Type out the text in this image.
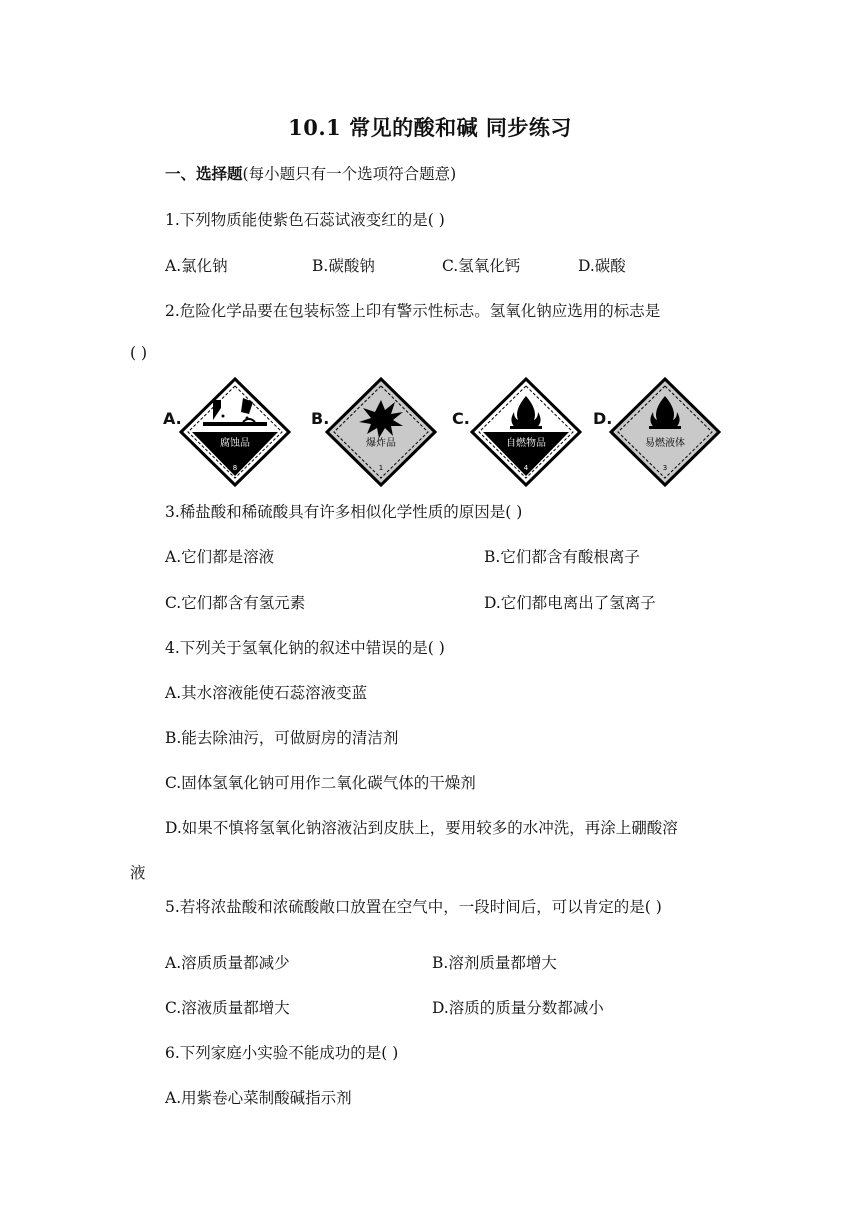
10.1 常见的酸和碱 同步练习
一、选择题(每小题只有一个选项符合题意)
1.下列物质能使紫色石蕊试液变红的是( )
A.氯化钠	B.碳酸钠	C.氢氧化钙	D.碳酸
2.危险化学品要在包装标签上印有警示性标志。氢氧化钠应选用的标志是
( )
A.
腐蚀品
8
B.
爆炸品
1
C.
自燃物品
4
D.
易燃液体
3
3.稀盐酸和稀硫酸具有许多相似化学性质的原因是( )
A.它们都是溶液	B.它们都含有酸根离子
C.它们都含有氢元素	D.它们都电离出了氢离子
4.下列关于氢氧化钠的叙述中错误的是( )
A.其水溶液能使石蕊溶液变蓝
B.能去除油污，可做厨房的清洁剂
C.固体氢氧化钠可用作二氧化碳气体的干燥剂
D.如果不慎将氢氧化钠溶液沾到皮肤上，要用较多的水冲洗，再涂上硼酸溶
液
5.若将浓盐酸和浓硫酸敞口放置在空气中，一段时间后，可以肯定的是( )
A.溶质质量都减少	B.溶剂质量都增大
C.溶液质量都增大	D.溶质的质量分数都减小
6.下列家庭小实验不能成功的是( )
A.用紫卷心菜制酸碱指示剂
